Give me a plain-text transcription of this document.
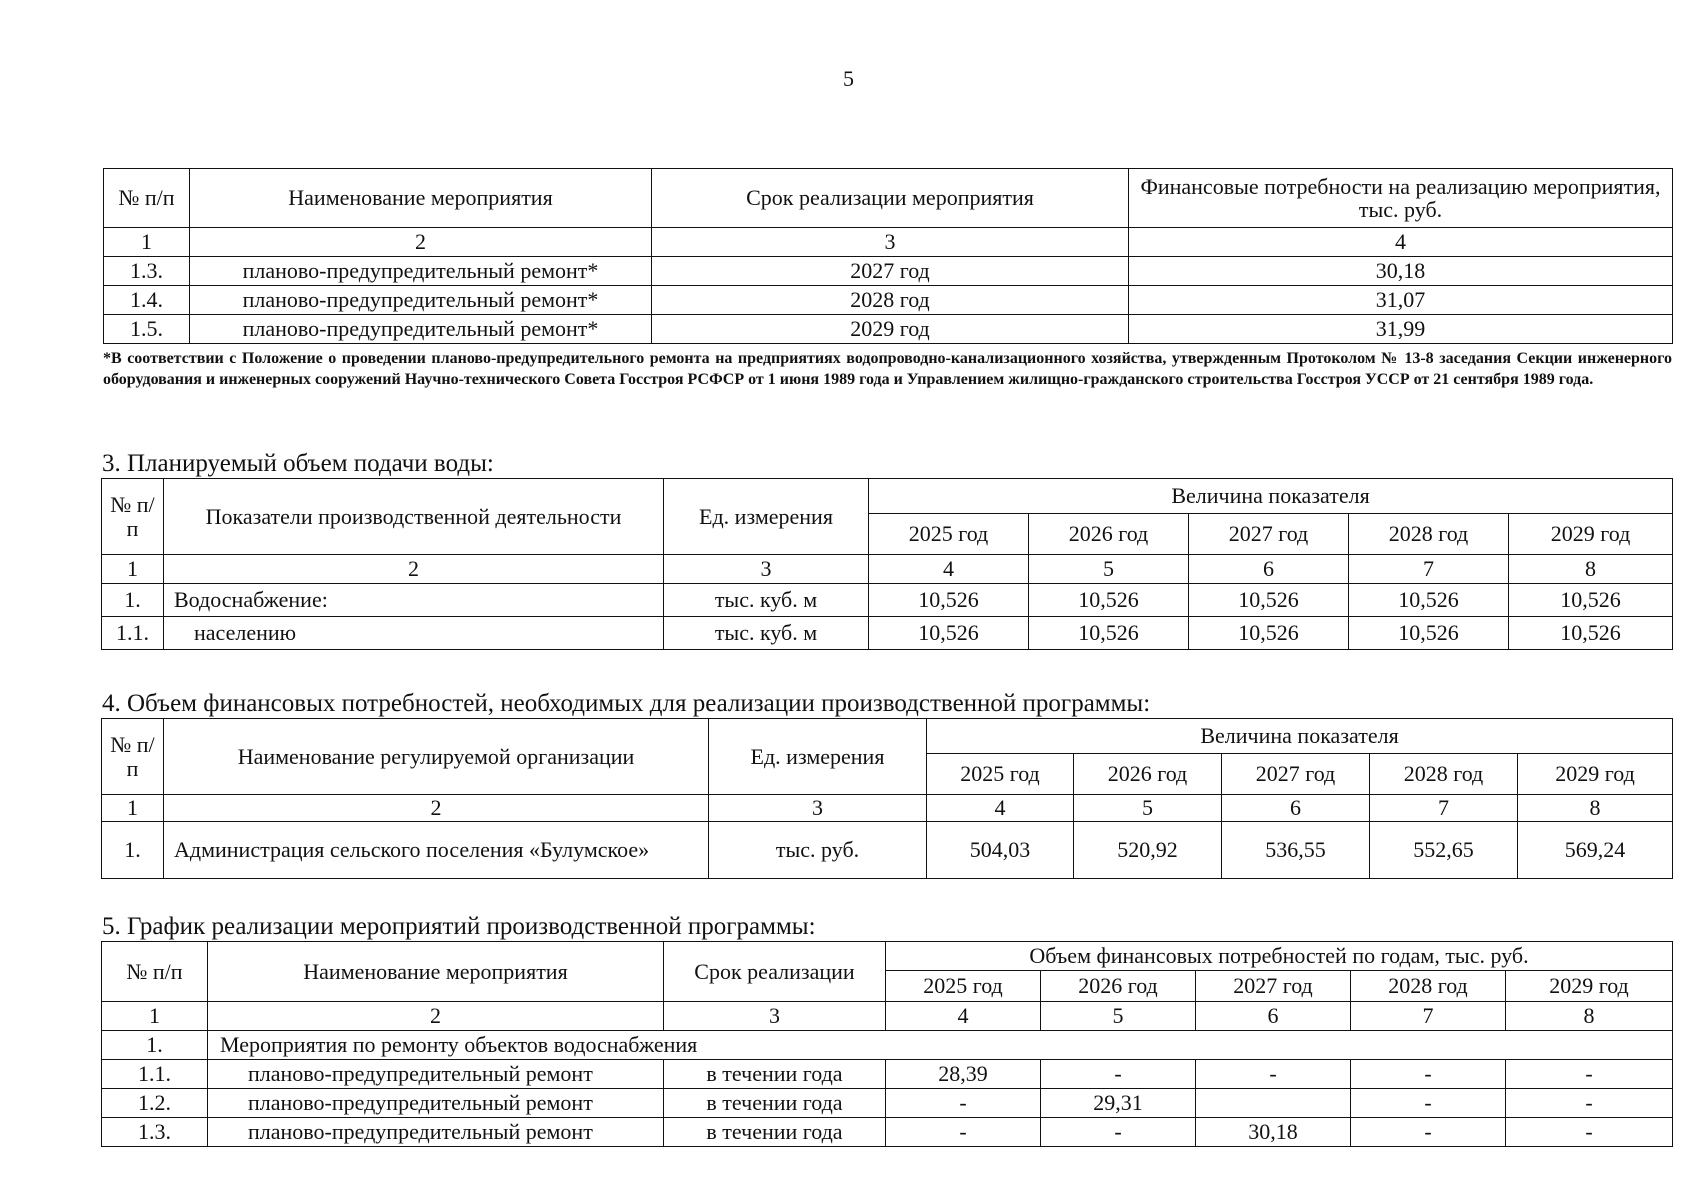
5
№ п/п	Наименование мероприятия	Срок реализации мероприятия	Финансовые потребности на реализацию мероприятия, тыс. руб.
1	2	3	4
1.3.	планово-предупредительный ремонт*	2027 год	30,18
1.4.	планово-предупредительный ремонт*	2028 год	31,07
1.5.	планово-предупредительный ремонт*	2029 год	31,99
*В соответствии с Положение о проведении планово-предупредительного ремонта на предприятиях водопроводно-канализационного хозяйства, утвержденным Протоколом № 13-8 заседания Секции инженерного оборудования и инженерных сооружений Научно-технического Совета Госстроя РСФСР от 1 июня 1989 года и Управлением жилищно-гражданского строительства Госстроя УССР от 21 сентября 1989 года.
3. Планируемый объем подачи воды:
№ п/п	Показатели производственной деятельности	Ед. измерения	Величина показателя				
			2025 год	2026 год	2027 год	2028 год	2029 год
1	2	3	4	5	6	7	8
1.	Водоснабжение:	тыс. куб. м	10,526	10,526	10,526	10,526	10,526
1.1.	населению	тыс. куб. м	10,526	10,526	10,526	10,526	10,526
4. Объем финансовых потребностей, необходимых для реализации производственной программы:
№ п/п	Наименование регулируемой организации	Ед. измерения	Величина показателя				
			2025 год	2026 год	2027 год	2028 год	2029 год
1	2	3	4	5	6	7	8
1.	Администрация сельского поселения «Булумское»	тыс. руб.	504,03	520,92	536,55	552,65	569,24
5. График реализации мероприятий производственной программы:
№ п/п	Наименование мероприятия	Срок реализации	Объем финансовых потребностей по годам, тыс. руб.				
			2025 год	2026 год	2027 год	2028 год	2029 год
1	2	3	4	5	6	7	8
1.	Мероприятия по ремонту объектов водоснабжения						
1.1.	планово-предупредительный ремонт	в течении года	28,39	-	-	-	-
1.2.	планово-предупредительный ремонт	в течении года	-	29,31		-	-
1.3.	планово-предупредительный ремонт	в течении года	-	-	30,18	-	-
